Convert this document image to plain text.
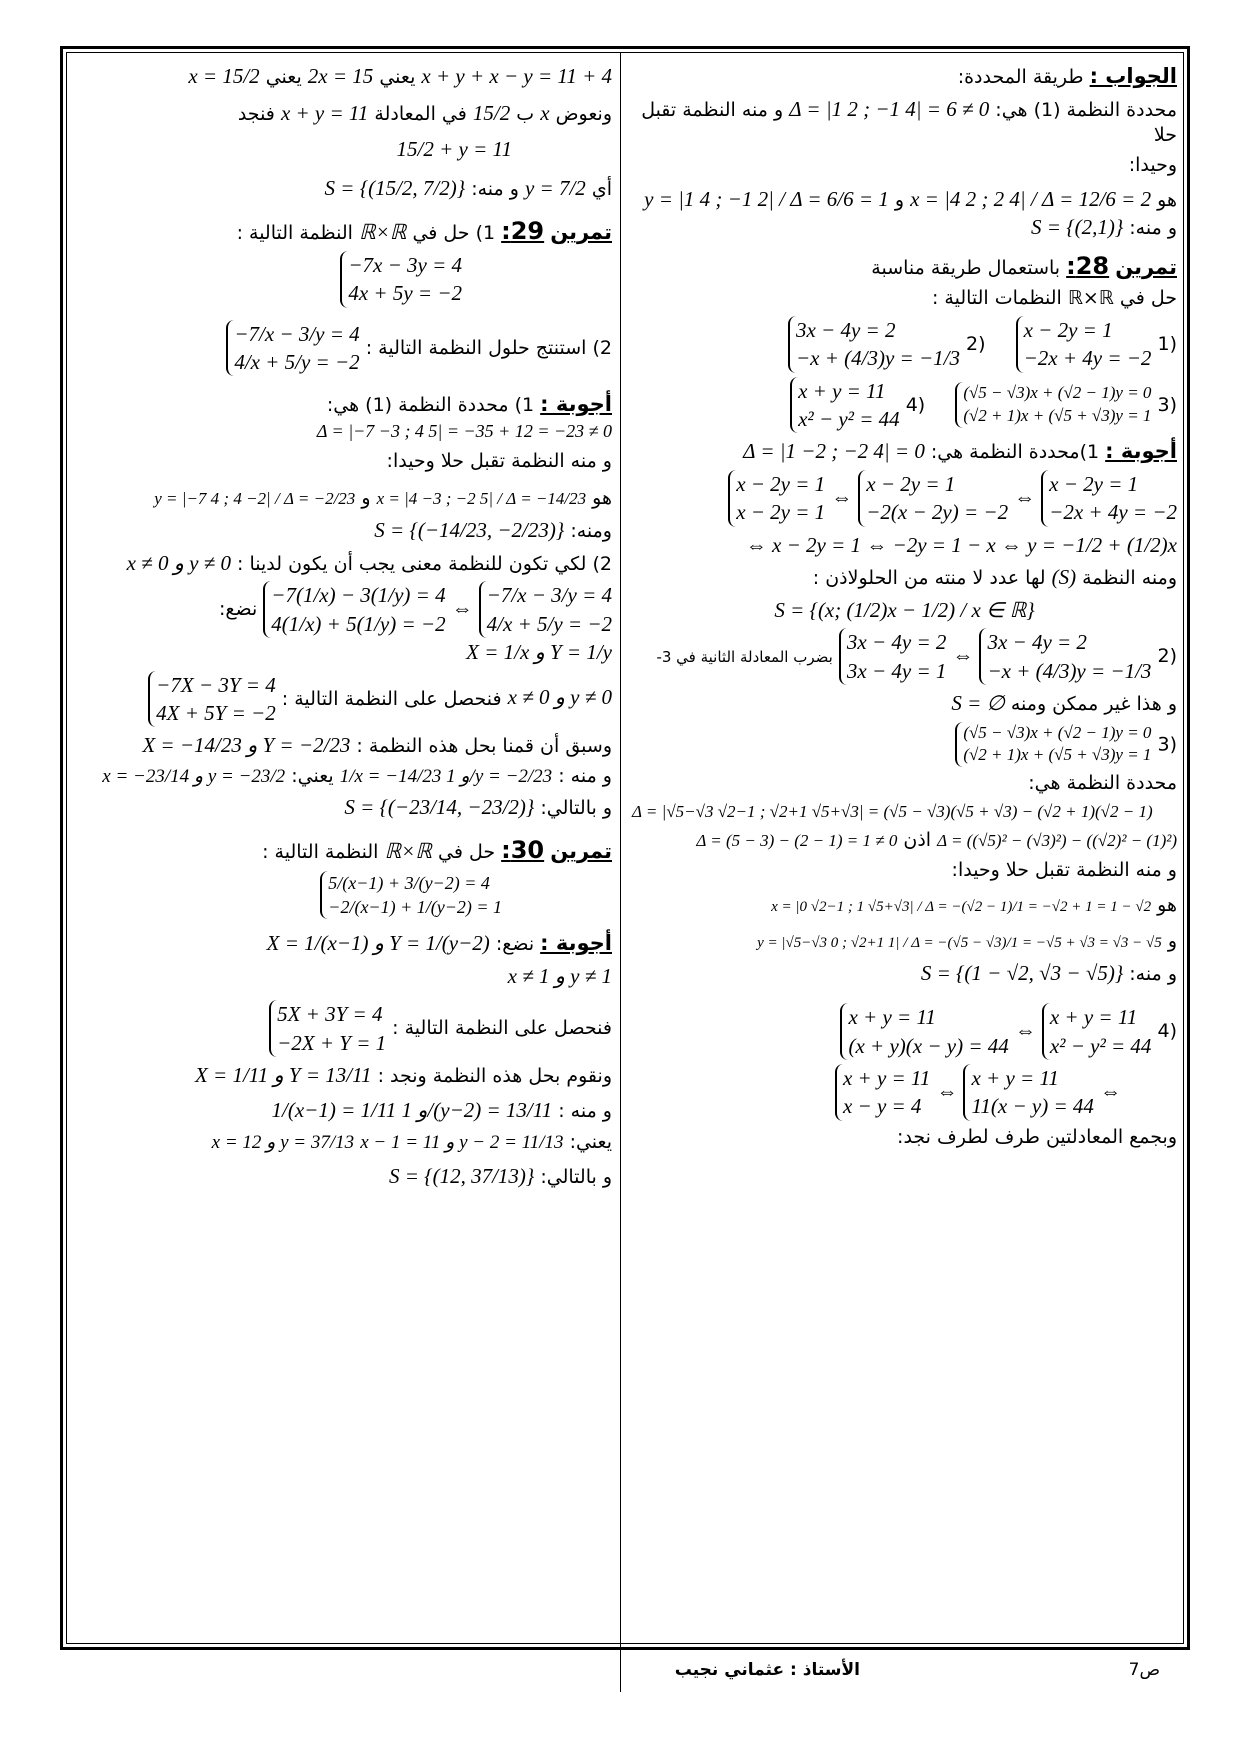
الجواب : طريقة المحددة:
محددة النظمة (1) هي: Δ = |1 2 ; −1 4| = 6 ≠ 0 و منه النظمة تقبل حلا
وحيدا:
هو x = |4 2 ; 2 4| / Δ = 12/6 = 2 و y = |1 4 ; −1 2| / Δ = 6/6 = 1 و منه: S = {(2,1)}
تمرين 28: باستعمال طريقة مناسبة
حل في ℝ×ℝ النظمات التالية :
(1
x − 2y = 1
−2x + 4y = −2
(2
3x − 4y = 2
−x + (4/3)y = −1/3
(3
(√5 − √3)x + (√2 − 1)y = 0
(√2 + 1)x + (√5 + √3)y = 1
(4
x + y = 11
x² − y² = 44
أجوبة : 1)محددة النظمة هي: Δ = |1 −2 ; −2 4| = 0
x − 2y = 1
−2x + 4y = −2
⇔
x − 2y = 1
−2(x − 2y) = −2
⇔
x − 2y = 1
x − 2y = 1
⇔ x − 2y = 1 ⇔ −2y = 1 − x ⇔ y = −1/2 + (1/2)x
ومنه النظمة (S) لها عدد لا منته من الحلولاذن :
S = {(x; (1/2)x − 1/2) / x ∈ ℝ}
(2
3x − 4y = 2
−x + (4/3)y = −1/3
⇔
3x − 4y = 2
3x − 4y = 1
بضرب المعادلة الثانية في 3-
و هذا غير ممكن ومنه S = ∅
(3
(√5 − √3)x + (√2 − 1)y = 0
(√2 + 1)x + (√5 + √3)y = 1
محددة النظمة هي:
Δ = |√5−√3 √2−1 ; √2+1 √5+√3| = (√5 − √3)(√5 + √3) − (√2 + 1)(√2 − 1)
Δ = ((√5)² − (√3)²) − ((√2)² − (1)²) اذن Δ = (5 − 3) − (2 − 1) = 1 ≠ 0
و منه النظمة تقبل حلا وحيدا:
هو x = |0 √2−1 ; 1 √5+√3| / Δ = −(√2 − 1)/1 = −√2 + 1 = 1 − √2
و y = |√5−√3 0 ; √2+1 1| / Δ = −(√5 − √3)/1 = −√5 + √3 = √3 − √5
و منه: S = {(1 − √2, √3 − √5)}
(4
x + y = 11
x² − y² = 44
⇔
x + y = 11
(x + y)(x − y) = 44
⇔
x + y = 11
11(x − y) = 44
⇔
x + y = 11
x − y = 4
وبجمع المعادلتين طرف لطرف نجد:
x + y + x − y = 11 + 4 يعني 2x = 15 يعني x = 15/2
ونعوض x ب 15/2 في المعادلة x + y = 11 فنجد
15/2 + y = 11
أي y = 7/2 و منه: S = {(15/2, 7/2)}
تمرين 29: 1) حل في ℝ×ℝ النظمة التالية :
−7x − 3y = 4
4x + 5y = −2
2) استنتج حلول النظمة التالية :
−7/x − 3/y = 4
4/x + 5/y = −2
أجوبة : 1) محددة النظمة (1) هي: Δ = |−7 −3 ; 4 5| = −35 + 12 = −23 ≠ 0
و منه النظمة تقبل حلا وحيدا:
هو x = |4 −3 ; −2 5| / Δ = −14/23 و y = |−7 4 ; 4 −2| / Δ = −2/23
ومنه: S = {(−14/23, −2/23)}
2) لكي تكون للنظمة معنى يجب أن يكون لدينا : x ≠ 0 و y ≠ 0
−7/x − 3/y = 4
4/x + 5/y = −2
⇔
−7(1/x) − 3(1/y) = 4
4(1/x) + 5(1/y) = −2
نضع: X = 1/x و Y = 1/y
x ≠ 0 و y ≠ 0 فنحصل على النظمة التالية :
−7X − 3Y = 4
4X + 5Y = −2
وسبق أن قمنا بحل هذه النظمة : X = −14/23 و Y = −2/23
و منه : 1/x = −14/23 و 1/y = −2/23 يعني: x = −23/14 و y = −23/2
و بالتالي: S = {(−23/14, −23/2)}
تمرين 30: حل في ℝ×ℝ النظمة التالية :
5/(x−1) + 3/(y−2) = 4
−2/(x−1) + 1/(y−2) = 1
أجوبة : نضع: X = 1/(x−1) و Y = 1/(y−2)
x ≠ 1 و y ≠ 1
فنحصل على النظمة التالية :
5X + 3Y = 4
−2X + Y = 1
ونقوم بحل هذه النظمة ونجد : X = 1/11 و Y = 13/11
و منه : 1/(x−1) = 1/11 و 1/(y−2) = 13/11
يعني: x − 1 = 11 و y − 2 = 11/13 x = 12 و y = 37/13
و بالتالي: S = {(12, 37/13)}
الأستاذ : عثماني نجيب	ص7
